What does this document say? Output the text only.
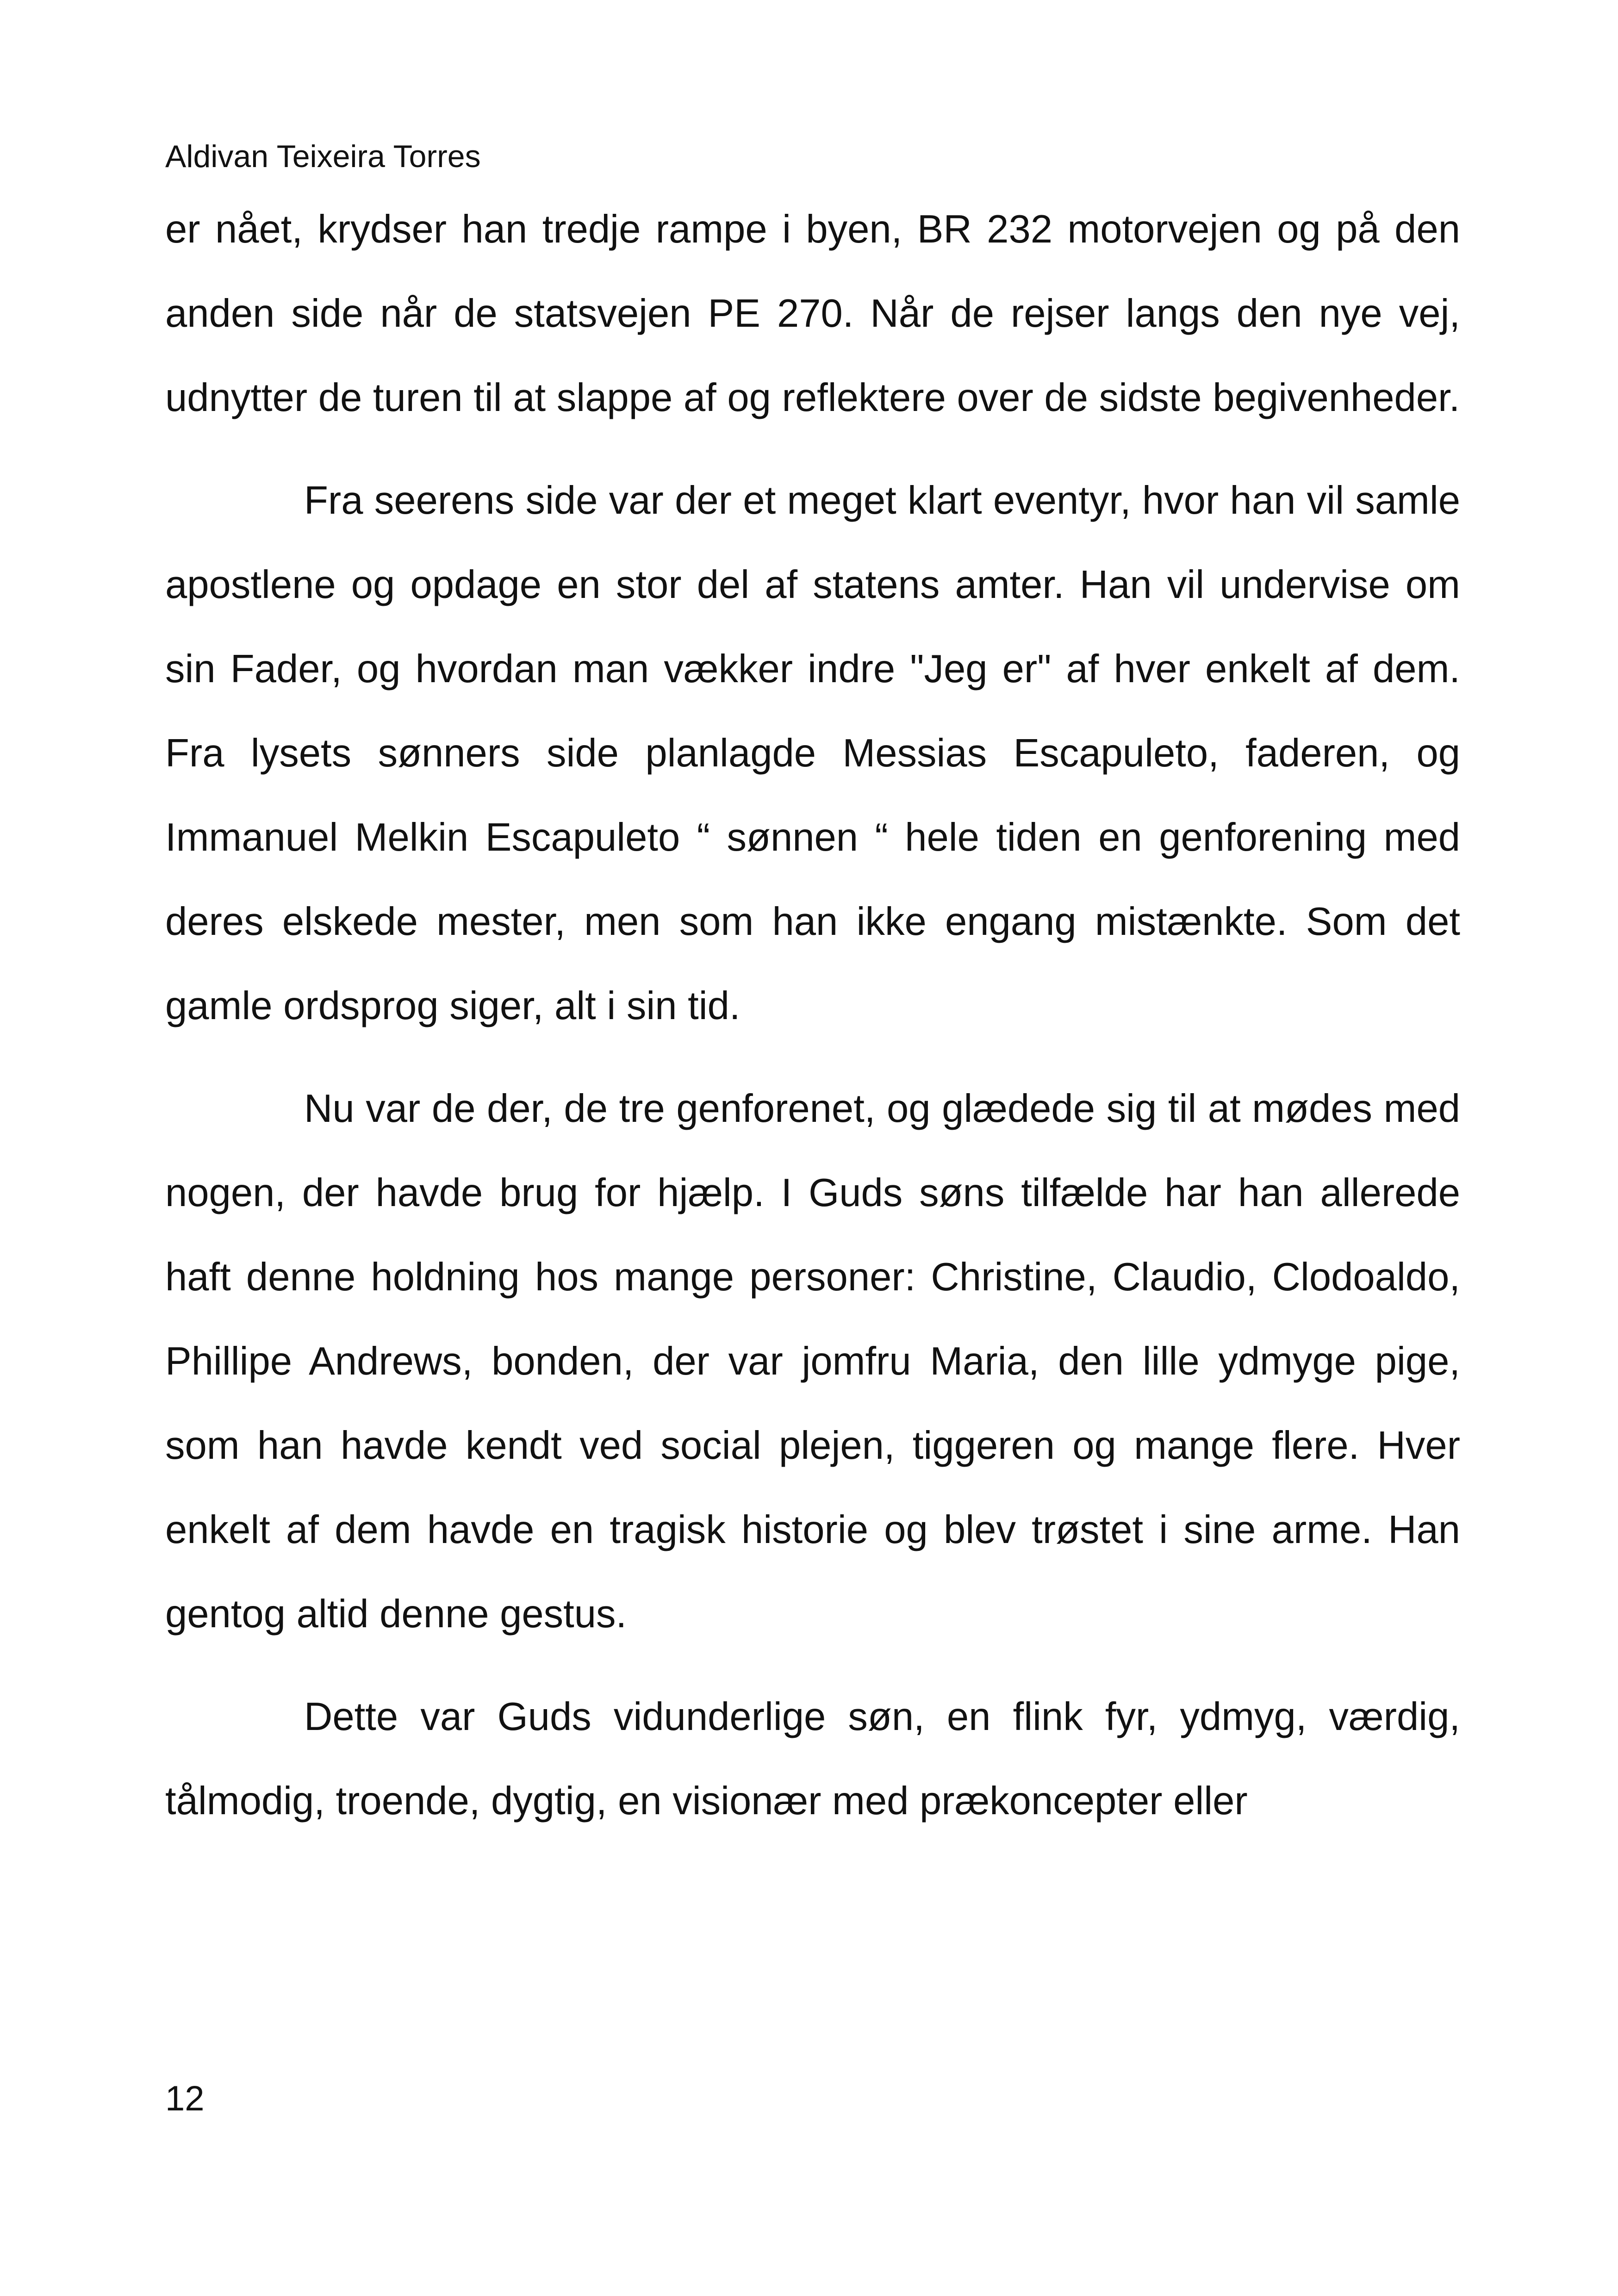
Aldivan Teixeira Torres

er nået, krydser han tredje rampe i byen, BR 232 motorvejen og på den anden side når de statsvejen PE 270. Når de rejser langs den nye vej, udnytter de turen til at slappe af og reflektere over de sidste begivenheder.

Fra seerens side var der et meget klart eventyr, hvor han vil samle apostlene og opdage en stor del af statens amter. Han vil undervise om sin Fader, og hvordan man vækker indre "Jeg er" af hver enkelt af dem. Fra lysets sønners side planlagde Messias Escapuleto, faderen, og Immanuel Melkin Escapuleto “ sønnen “ hele tiden en genforening med deres elskede mester, men som han ikke engang mistænkte. Som det gamle ordsprog siger, alt i sin tid.

Nu var de der, de tre genforenet, og glædede sig til at mødes med nogen, der havde brug for hjælp. I Guds søns tilfælde har han allerede haft denne holdning hos mange personer: Christine, Claudio, Clodoaldo, Phillipe Andrews, bonden, der var jomfru Maria, den lille ydmyge pige, som han havde kendt ved social plejen, tiggeren og mange flere. Hver enkelt af dem havde en tragisk historie og blev trøstet i sine arme. Han gentog altid denne gestus.

Dette var Guds vidunderlige søn, en flink fyr, ydmyg, værdig, tålmodig, troende, dygtig, en visionær med prækoncepter eller

12
